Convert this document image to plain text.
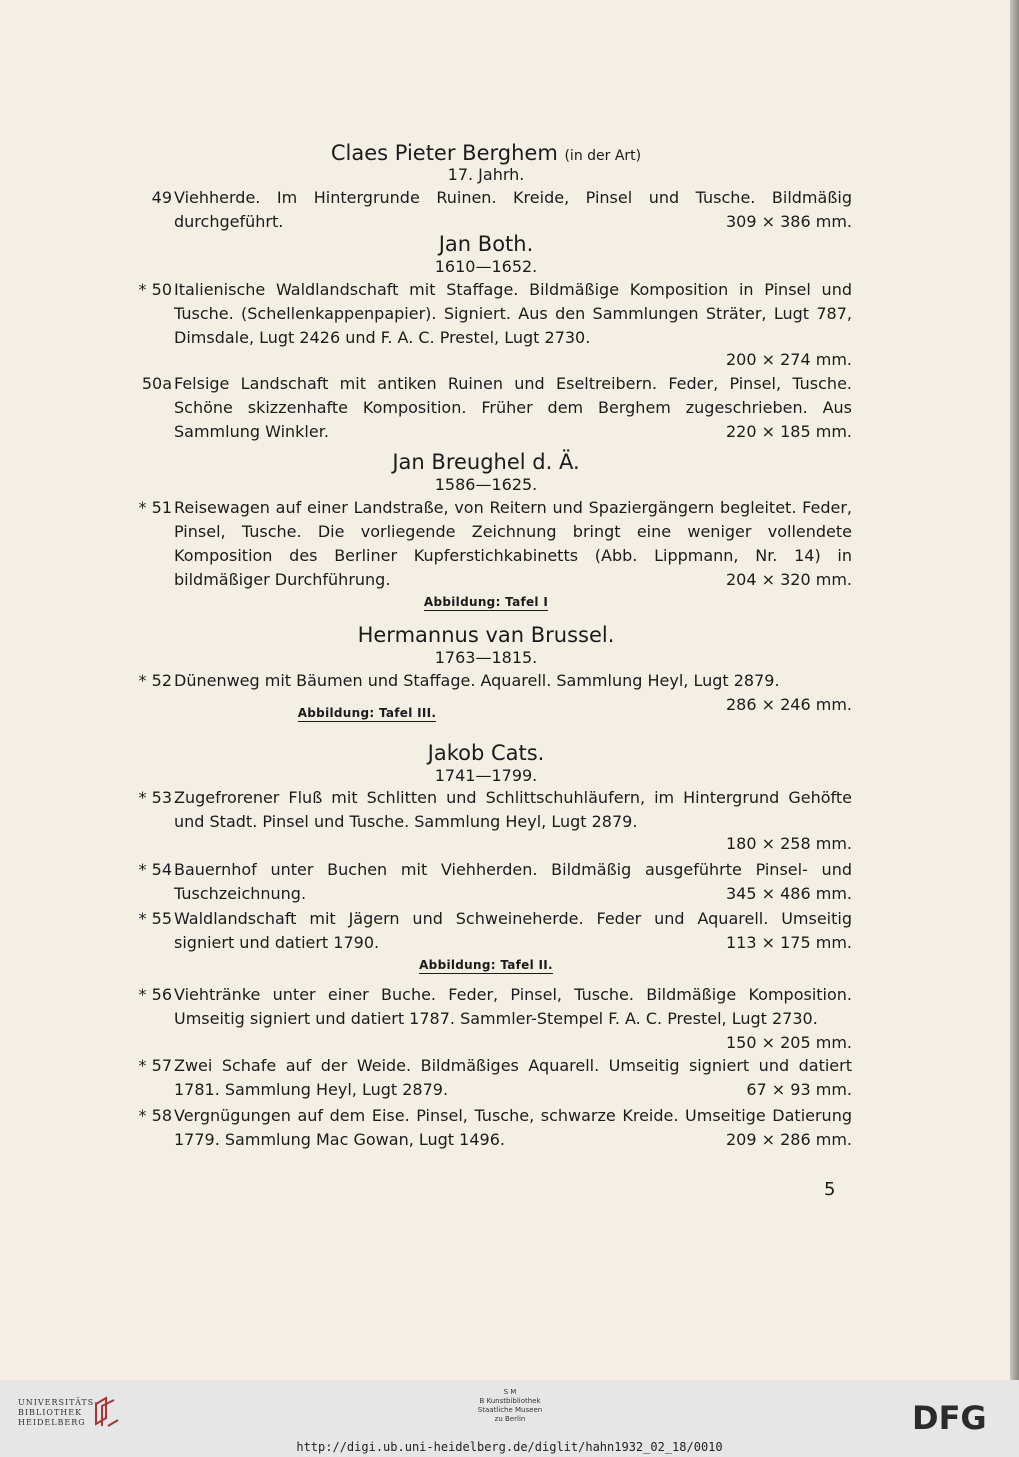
Claes Pieter Berghem (in der Art)
17. Jahrh.
49 Viehherde. Im Hintergrunde Ruinen. Kreide, Pinsel und Tusche. Bildmäßig durchgeführt.	309 × 386 mm.
Jan Both.
1610—1652.
* 50 Italienische Waldlandschaft mit Staffage. Bildmäßige Komposition in Pinsel und Tusche. (Schellenkappenpapier). Signiert. Aus den Sammlungen Sträter, Lugt 787, Dimsdale, Lugt 2426 und F. A. C. Prestel, Lugt 2730.
200 × 274 mm.
50a Felsige Landschaft mit antiken Ruinen und Eseltreibern. Feder, Pinsel, Tusche. Schöne skizzenhafte Komposition. Früher dem Berghem zugeschrieben. Aus Sammlung Winkler.	220 × 185 mm.
Jan Breughel d. Ä.
1586—1625.
* 51 Reisewagen auf einer Landstraße, von Reitern und Spaziergängern begleitet. Feder, Pinsel, Tusche. Die vorliegende Zeichnung bringt eine weniger vollendete Komposition des Berliner Kupferstichkabinetts (Abb. Lippmann, Nr. 14) in bildmäßiger Durchführung.	204 × 320 mm.
Abbildung: Tafel I
Hermannus van Brussel.
1763—1815.
* 52 Dünenweg mit Bäumen und Staffage. Aquarell. Sammlung Heyl, Lugt 2879.
286 × 246 mm.
Abbildung: Tafel III.
Jakob Cats.
1741—1799.
* 53 Zugefrorener Fluß mit Schlitten und Schlittschuhläufern, im Hintergrund Gehöfte und Stadt. Pinsel und Tusche. Sammlung Heyl, Lugt 2879.
180 × 258 mm.
* 54 Bauernhof unter Buchen mit Viehherden. Bildmäßig ausgeführte Pinsel- und Tuschzeichnung.	345 × 486 mm.
* 55 Waldlandschaft mit Jägern und Schweineherde. Feder und Aquarell. Umseitig signiert und datiert 1790.	113 × 175 mm.
Abbildung: Tafel II.
* 56 Viehtränke unter einer Buche. Feder, Pinsel, Tusche. Bildmäßige Komposition. Umseitig signiert und datiert 1787. Sammler-Stempel F. A. C. Prestel, Lugt 2730.
150 × 205 mm.
* 57 Zwei Schafe auf der Weide. Bildmäßiges Aquarell. Umseitig signiert und datiert 1781. Sammlung Heyl, Lugt 2879.	67 × 93 mm.
* 58 Vergnügungen auf dem Eise. Pinsel, Tusche, schwarze Kreide. Umseitige Datierung 1779. Sammlung Mac Gowan, Lugt 1496.	209 × 286 mm.
5
UNIVERSITÄTS-
BIBLIOTHEK
HEIDELBERG
S M
B Kunstbibliothek
Staatliche Museen
zu Berlin	DFG
http://digi.ub.uni-heidelberg.de/diglit/hahn1932_02_18/0010
